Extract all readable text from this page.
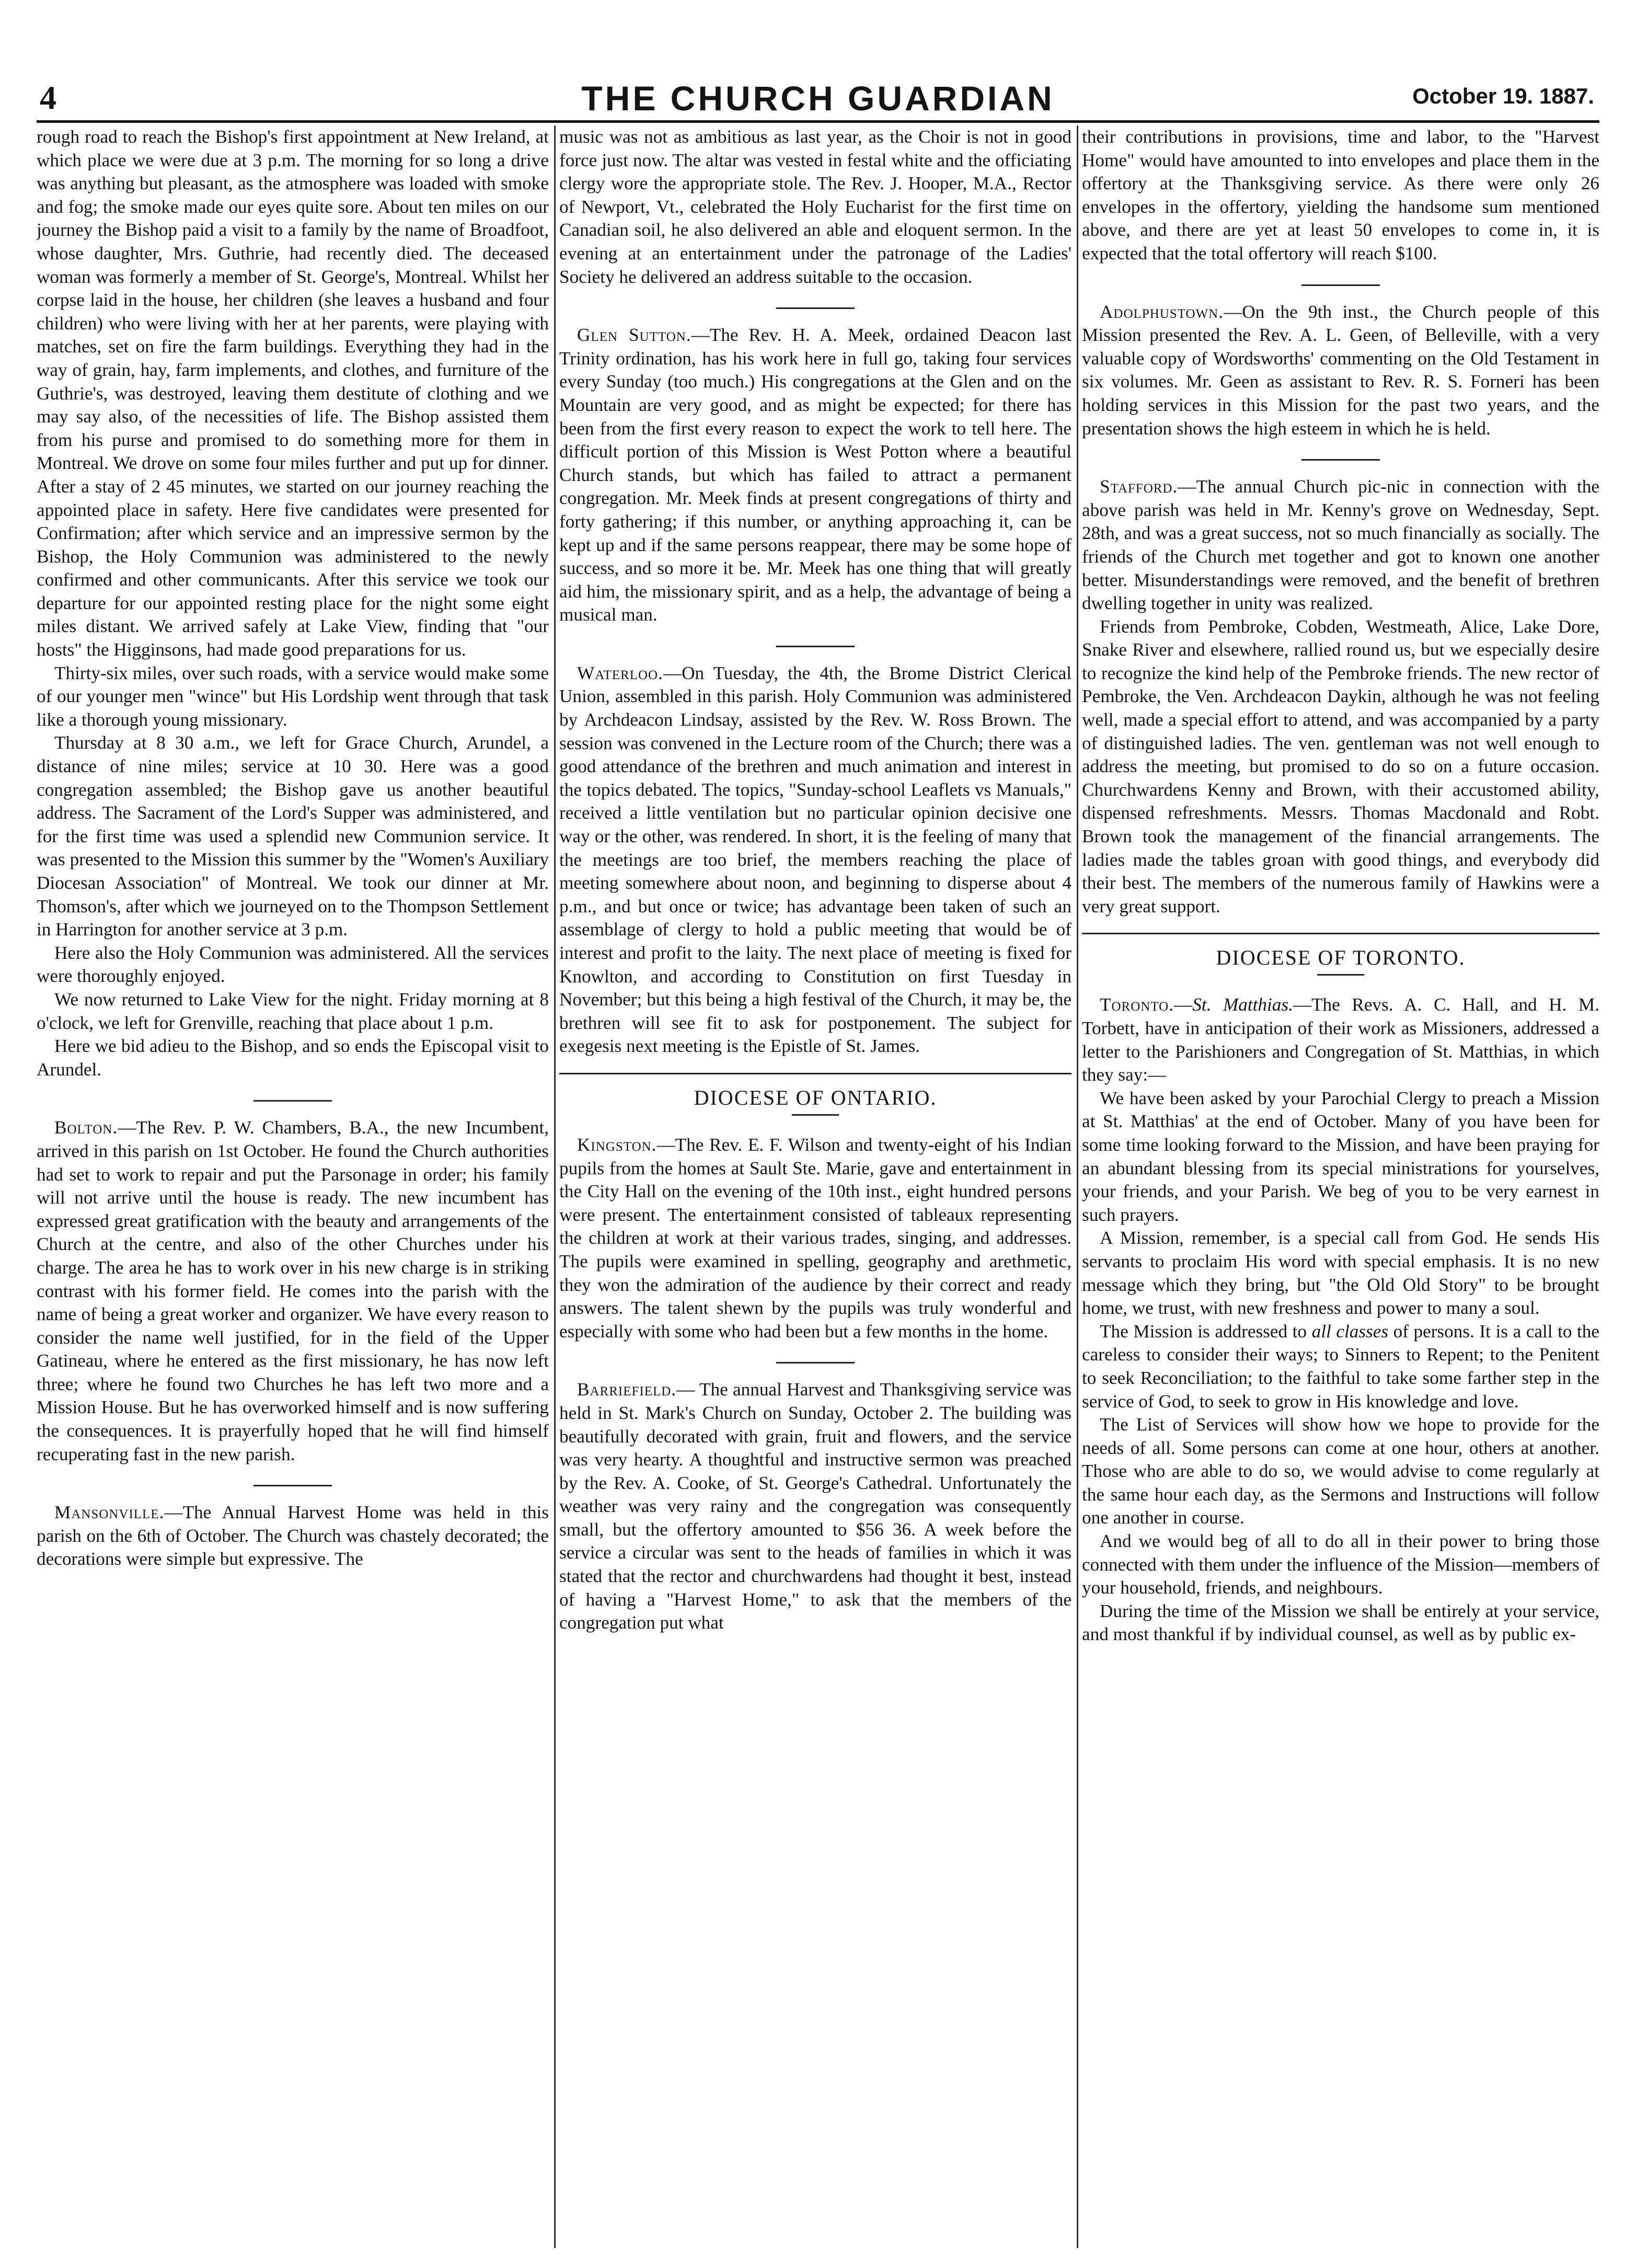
4	THE CHURCH GUARDIAN	October 19. 1887.

rough road to reach the Bishop's first appointment at New Ireland, at which place we were due at 3 p.m. The morning for so long a drive was anything but pleasant, as the atmosphere was loaded with smoke and fog; the smoke made our eyes quite sore. About ten miles on our journey the Bishop paid a visit to a family by the name of Broadfoot, whose daughter, Mrs. Guthrie, had recently died. The deceased woman was formerly a member of St. George's, Montreal. Whilst her corpse laid in the house, her children (she leaves a husband and four children) who were living with her at her parents, were playing with matches, set on fire the farm buildings. Everything they had in the way of grain, hay, farm implements, and clothes, and furniture of the Guthrie's, was destroyed, leaving them destitute of clothing and we may say also, of the necessities of life. The Bishop assisted them from his purse and promised to do something more for them in Montreal. We drove on some four miles further and put up for dinner. After a stay of 2 45 minutes, we started on our journey reaching the appointed place in safety. Here five candidates were presented for Confirmation; after which service and an impressive sermon by the Bishop, the Holy Communion was administered to the newly confirmed and other communicants. After this service we took our departure for our appointed resting place for the night some eight miles distant. We arrived safely at Lake View, finding that "our hosts" the Higginsons, had made good preparations for us.

Thirty-six miles, over such roads, with a service would make some of our younger men "wince" but His Lordship went through that task like a thorough young missionary.

Thursday at 8 30 a.m., we left for Grace Church, Arundel, a distance of nine miles; service at 10 30. Here was a good congregation assembled; the Bishop gave us another beautiful address. The Sacrament of the Lord's Supper was administered, and for the first time was used a splendid new Communion service. It was presented to the Mission this summer by the "Women's Auxiliary Diocesan Association" of Montreal. We took our dinner at Mr. Thomson's, after which we journeyed on to the Thompson Settlement in Harrington for another service at 3 p.m.

Here also the Holy Communion was administered. All the services were thoroughly enjoyed.

We now returned to Lake View for the night. Friday morning at 8 o'clock, we left for Grenville, reaching that place about 1 p.m.

Here we bid adieu to the Bishop, and so ends the Episcopal visit to Arundel.

Bolton.—The Rev. P. W. Chambers, B.A., the new Incumbent, arrived in this parish on 1st October. He found the Church authorities had set to work to repair and put the Parsonage in order; his family will not arrive until the house is ready. The new incumbent has expressed great gratification with the beauty and arrangements of the Church at the centre, and also of the other Churches under his charge. The area he has to work over in his new charge is in striking contrast with his former field. He comes into the parish with the name of being a great worker and organizer. We have every reason to consider the name well justified, for in the field of the Upper Gatineau, where he entered as the first missionary, he has now left three; where he found two Churches he has left two more and a Mission House. But he has overworked himself and is now suffering the consequences. It is prayerfully hoped that he will find himself recuperating fast in the new parish.

Mansonville.—The Annual Harvest Home was held in this parish on the 6th of October. The Church was chastely decorated; the decorations were simple but expressive. The

music was not as ambitious as last year, as the Choir is not in good force just now. The altar was vested in festal white and the officiating clergy wore the appropriate stole. The Rev. J. Hooper, M.A., Rector of Newport, Vt., celebrated the Holy Eucharist for the first time on Canadian soil, he also delivered an able and eloquent sermon. In the evening at an entertainment under the patronage of the Ladies' Society he delivered an address suitable to the occasion.

Glen Sutton.—The Rev. H. A. Meek, ordained Deacon last Trinity ordination, has his work here in full go, taking four services every Sunday (too much.) His congregations at the Glen and on the Mountain are very good, and as might be expected; for there has been from the first every reason to expect the work to tell here. The difficult portion of this Mission is West Potton where a beautiful Church stands, but which has failed to attract a permanent congregation. Mr. Meek finds at present congregations of thirty and forty gathering; if this number, or anything approaching it, can be kept up and if the same persons reappear, there may be some hope of success, and so more it be. Mr. Meek has one thing that will greatly aid him, the missionary spirit, and as a help, the advantage of being a musical man.

Waterloo.—On Tuesday, the 4th, the Brome District Clerical Union, assembled in this parish. Holy Communion was administered by Archdeacon Lindsay, assisted by the Rev. W. Ross Brown. The session was convened in the Lecture room of the Church; there was a good attendance of the brethren and much animation and interest in the topics debated. The topics, "Sunday-school Leaflets vs Manuals," received a little ventilation but no particular opinion decisive one way or the other, was rendered. In short, it is the feeling of many that the meetings are too brief, the members reaching the place of meeting somewhere about noon, and beginning to disperse about 4 p.m., and but once or twice; has advantage been taken of such an assemblage of clergy to hold a public meeting that would be of interest and profit to the laity. The next place of meeting is fixed for Knowlton, and according to Constitution on first Tuesday in November; but this being a high festival of the Church, it may be, the brethren will see fit to ask for postponement. The subject for exegesis next meeting is the Epistle of St. James.

DIOCESE OF ONTARIO.

Kingston.—The Rev. E. F. Wilson and twenty-eight of his Indian pupils from the homes at Sault Ste. Marie, gave and entertainment in the City Hall on the evening of the 10th inst., eight hundred persons were present. The entertainment consisted of tableaux representing the children at work at their various trades, singing, and addresses. The pupils were examined in spelling, geography and arethmetic, they won the admiration of the audience by their correct and ready answers. The talent shewn by the pupils was truly wonderful and especially with some who had been but a few months in the home.

Barriefield.— The annual Harvest and Thanksgiving service was held in St. Mark's Church on Sunday, October 2. The building was beautifully decorated with grain, fruit and flowers, and the service was very hearty. A thoughtful and instructive sermon was preached by the Rev. A. Cooke, of St. George's Cathedral. Unfortunately the weather was very rainy and the congregation was consequently small, but the offertory amounted to $56 36. A week before the service a circular was sent to the heads of families in which it was stated that the rector and churchwardens had thought it best, instead of having a "Harvest Home," to ask that the members of the congregation put what

their contributions in provisions, time and labor, to the "Harvest Home" would have amounted to into envelopes and place them in the offertory at the Thanksgiving service. As there were only 26 envelopes in the offertory, yielding the handsome sum mentioned above, and there are yet at least 50 envelopes to come in, it is expected that the total offertory will reach $100.

Adolphustown.—On the 9th inst., the Church people of this Mission presented the Rev. A. L. Geen, of Belleville, with a very valuable copy of Wordsworths' commenting on the Old Testament in six volumes. Mr. Geen as assistant to Rev. R. S. Forneri has been holding services in this Mission for the past two years, and the presentation shows the high esteem in which he is held.

Stafford.—The annual Church pic-nic in connection with the above parish was held in Mr. Kenny's grove on Wednesday, Sept. 28th, and was a great success, not so much financially as socially. The friends of the Church met together and got to known one another better. Misunderstandings were removed, and the benefit of brethren dwelling together in unity was realized.

Friends from Pembroke, Cobden, Westmeath, Alice, Lake Dore, Snake River and elsewhere, rallied round us, but we especially desire to recognize the kind help of the Pembroke friends. The new rector of Pembroke, the Ven. Archdeacon Daykin, although he was not feeling well, made a special effort to attend, and was accompanied by a party of distinguished ladies. The ven. gentleman was not well enough to address the meeting, but promised to do so on a future occasion. Churchwardens Kenny and Brown, with their accustomed ability, dispensed refreshments. Messrs. Thomas Macdonald and Robt. Brown took the management of the financial arrangements. The ladies made the tables groan with good things, and everybody did their best. The members of the numerous family of Hawkins were a very great support.

DIOCESE OF TORONTO.

Toronto.—St. Matthias.—The Revs. A. C. Hall, and H. M. Torbett, have in anticipation of their work as Missioners, addressed a letter to the Parishioners and Congregation of St. Matthias, in which they say:—

We have been asked by your Parochial Clergy to preach a Mission at St. Matthias' at the end of October. Many of you have been for some time looking forward to the Mission, and have been praying for an abundant blessing from its special ministrations for yourselves, your friends, and your Parish. We beg of you to be very earnest in such prayers.

A Mission, remember, is a special call from God. He sends His servants to proclaim His word with special emphasis. It is no new message which they bring, but "the Old Old Story" to be brought home, we trust, with new freshness and power to many a soul.

The Mission is addressed to all classes of persons. It is a call to the careless to consider their ways; to Sinners to Repent; to the Penitent to seek Reconciliation; to the faithful to take some farther step in the service of God, to seek to grow in His knowledge and love.

The List of Services will show how we hope to provide for the needs of all. Some persons can come at one hour, others at another. Those who are able to do so, we would advise to come regularly at the same hour each day, as the Sermons and Instructions will follow one another in course.

And we would beg of all to do all in their power to bring those connected with them under the influence of the Mission—members of your household, friends, and neighbours.

During the time of the Mission we shall be entirely at your service, and most thankful if by individual counsel, as well as by public ex-
